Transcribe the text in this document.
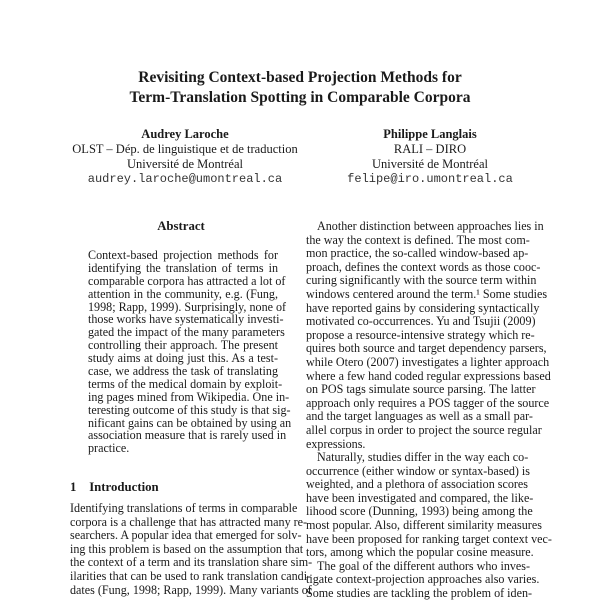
Revisiting Context-based Projection Methods for
Term-Translation Spotting in Comparable Corpora
Audrey Laroche
OLST – Dép. de linguistique et de traduction
Université de Montréal
audrey.laroche@umontreal.ca
Philippe Langlais
RALI – DIRO
Université de Montréal
felipe@iro.umontreal.ca
Abstract
Context-based projection methods for
identifying the translation of terms in
comparable corpora has attracted a lot of
attention in the community, e.g. (Fung,
1998; Rapp, 1999). Surprisingly, none of
those works have systematically investi-
gated the impact of the many parameters
controlling their approach. The present
study aims at doing just this. As a test-
case, we address the task of translating
terms of the medical domain by exploit-
ing pages mined from Wikipedia. One in-
teresting outcome of this study is that sig-
nificant gains can be obtained by using an
association measure that is rarely used in
practice.
1 Introduction
Identifying translations of terms in comparable
corpora is a challenge that has attracted many re-
searchers. A popular idea that emerged for solv-
ing this problem is based on the assumption that
the context of a term and its translation share sim-
ilarities that can be used to rank translation candi-
dates (Fung, 1998; Rapp, 1999). Many variants of
Another distinction between approaches lies in
the way the context is defined. The most com-
mon practice, the so-called window-based ap-
proach, defines the context words as those cooc-
curing significantly with the source term within
windows centered around the term.¹ Some studies
have reported gains by considering syntactically
motivated co-occurrences. Yu and Tsujii (2009)
propose a resource-intensive strategy which re-
quires both source and target dependency parsers,
while Otero (2007) investigates a lighter approach
where a few hand coded regular expressions based
on POS tags simulate source parsing. The latter
approach only requires a POS tagger of the source
and the target languages as well as a small par-
allel corpus in order to project the source regular
expressions.
Naturally, studies differ in the way each co-
occurrence (either window or syntax-based) is
weighted, and a plethora of association scores
have been investigated and compared, the like-
lihood score (Dunning, 1993) being among the
most popular. Also, different similarity measures
have been proposed for ranking target context vec-
tors, among which the popular cosine measure.
The goal of the different authors who inves-
tigate context-projection approaches also varies.
Some studies are tackling the problem of iden-
